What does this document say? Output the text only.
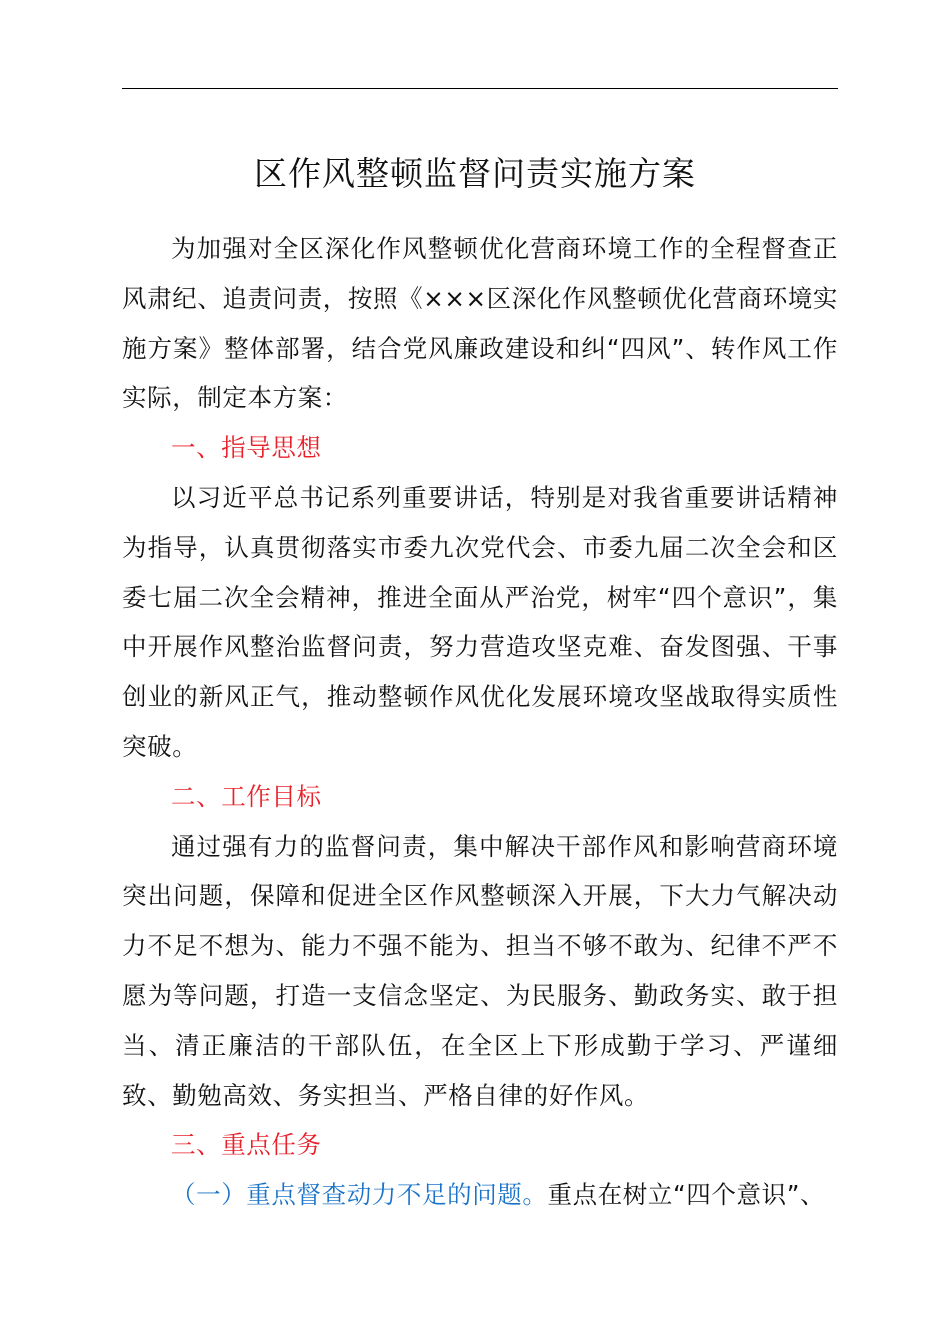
区作风整顿监督问责实施方案

为加强对全区深化作风整顿优化营商环境工作的全程督查正风肃纪、追责问责，按照《×××区深化作风整顿优化营商环境实施方案》整体部署，结合党风廉政建设和纠“四风”、转作风工作实际，制定本方案：

一、指导思想

以习近平总书记系列重要讲话，特别是对我省重要讲话精神为指导，认真贯彻落实市委九次党代会、市委九届二次全会和区委七届二次全会精神，推进全面从严治党，树牢“四个意识”，集中开展作风整治监督问责，努力营造攻坚克难、奋发图强、干事创业的新风正气，推动整顿作风优化发展环境攻坚战取得实质性突破。

二、工作目标

通过强有力的监督问责，集中解决干部作风和影响营商环境突出问题，保障和促进全区作风整顿深入开展，下大力气解决动力不足不想为、能力不强不能为、担当不够不敢为、纪律不严不愿为等问题，打造一支信念坚定、为民服务、勤政务实、敢于担当、清正廉洁的干部队伍，在全区上下形成勤于学习、严谨细致、勤勉高效、务实担当、严格自律的好作风。

三、重点任务

（一）重点督查动力不足的问题。重点在树立“四个意识”、
